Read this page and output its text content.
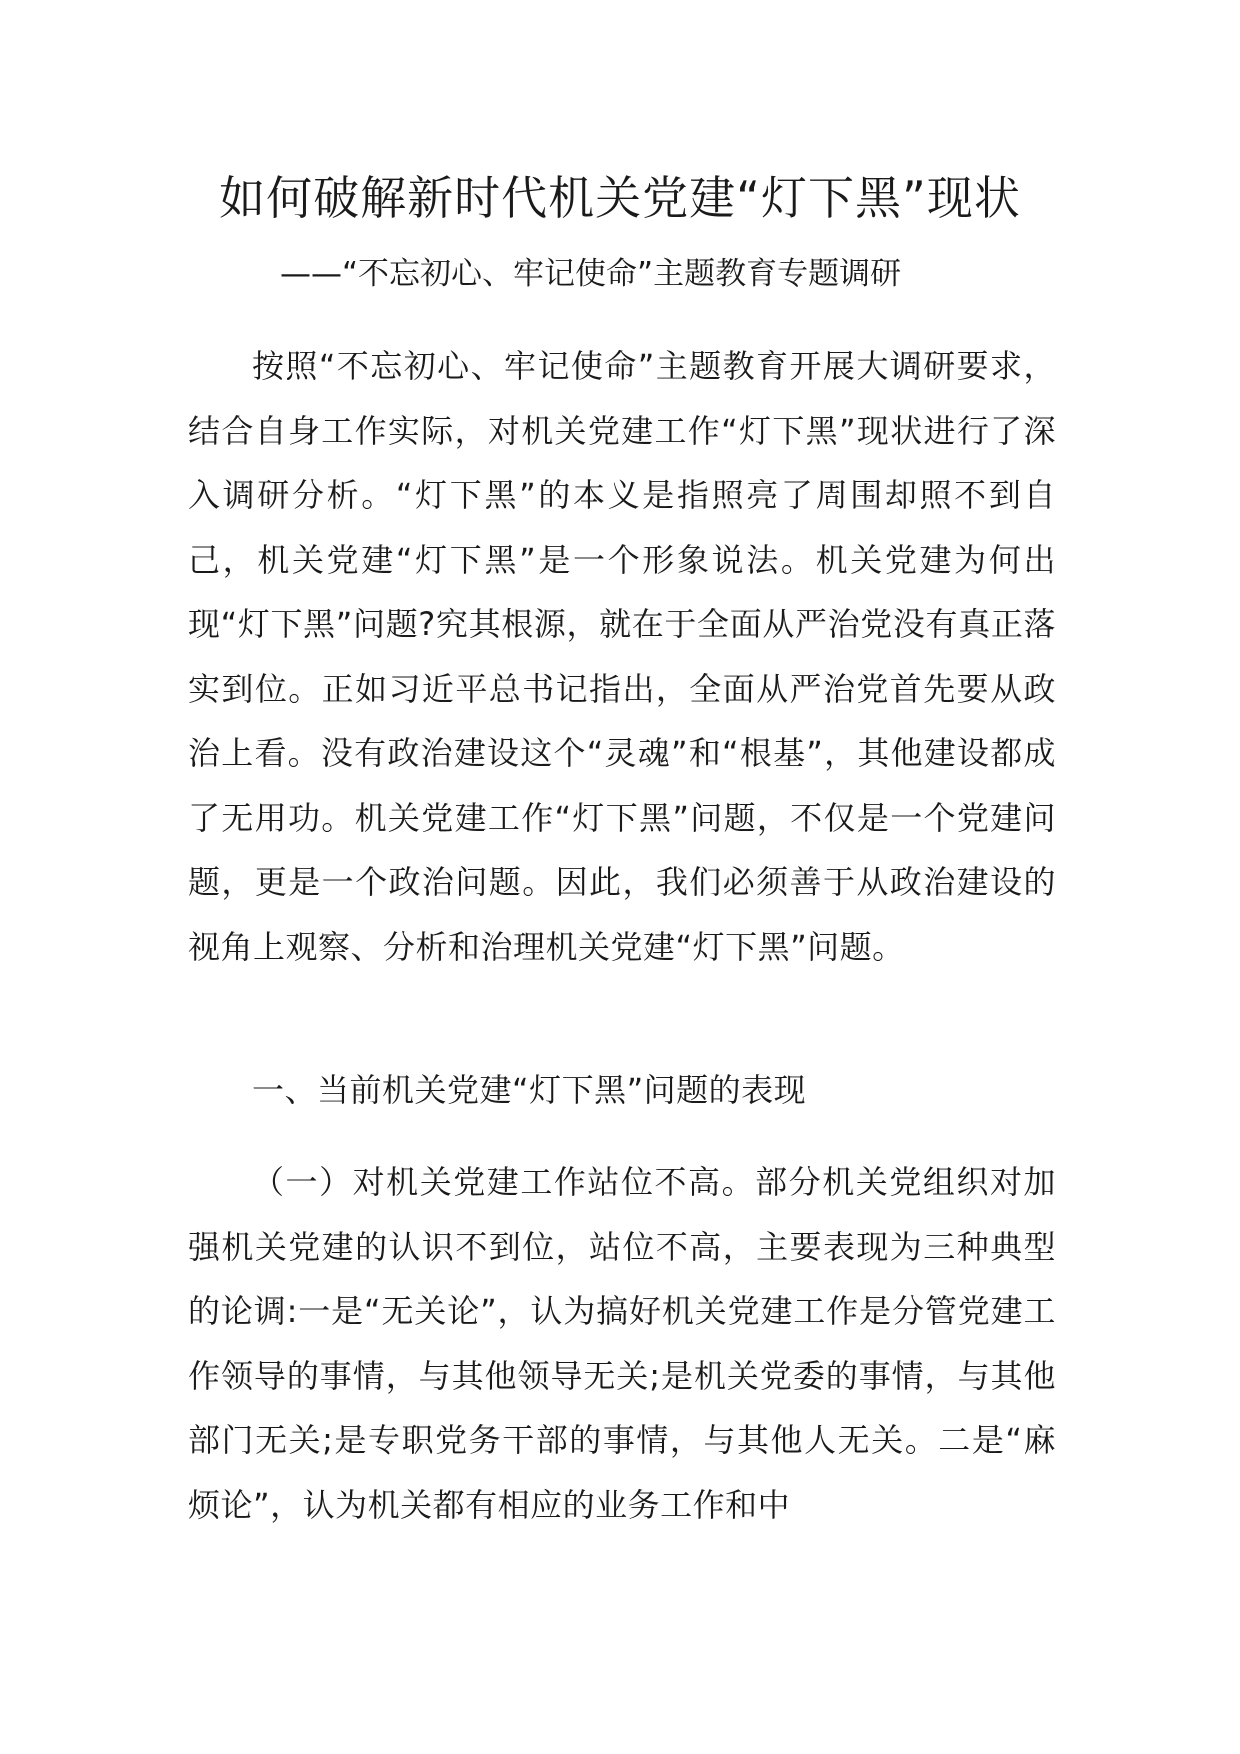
如何破解新时代机关党建“灯下黑”现状

——“不忘初心、牢记使命”主题教育专题调研

按照“不忘初心、牢记使命”主题教育开展大调研要求，结合自身工作实际，对机关党建工作“灯下黑”现状进行了深入调研分析。“灯下黑”的本义是指照亮了周围却照不到自己，机关党建“灯下黑”是一个形象说法。机关党建为何出现“灯下黑”问题?究其根源，就在于全面从严治党没有真正落实到位。正如习近平总书记指出，全面从严治党首先要从政治上看。没有政治建设这个“灵魂”和“根基”，其他建设都成了无用功。机关党建工作“灯下黑”问题，不仅是一个党建问题，更是一个政治问题。因此，我们必须善于从政治建设的视角上观察、分析和治理机关党建“灯下黑”问题。

一、当前机关党建“灯下黑”问题的表现

（一）对机关党建工作站位不高。部分机关党组织对加强机关党建的认识不到位，站位不高，主要表现为三种典型的论调:一是“无关论”，认为搞好机关党建工作是分管党建工作领导的事情，与其他领导无关;是机关党委的事情，与其他部门无关;是专职党务干部的事情，与其他人无关。二是“麻烦论”，认为机关都有相应的业务工作和中
